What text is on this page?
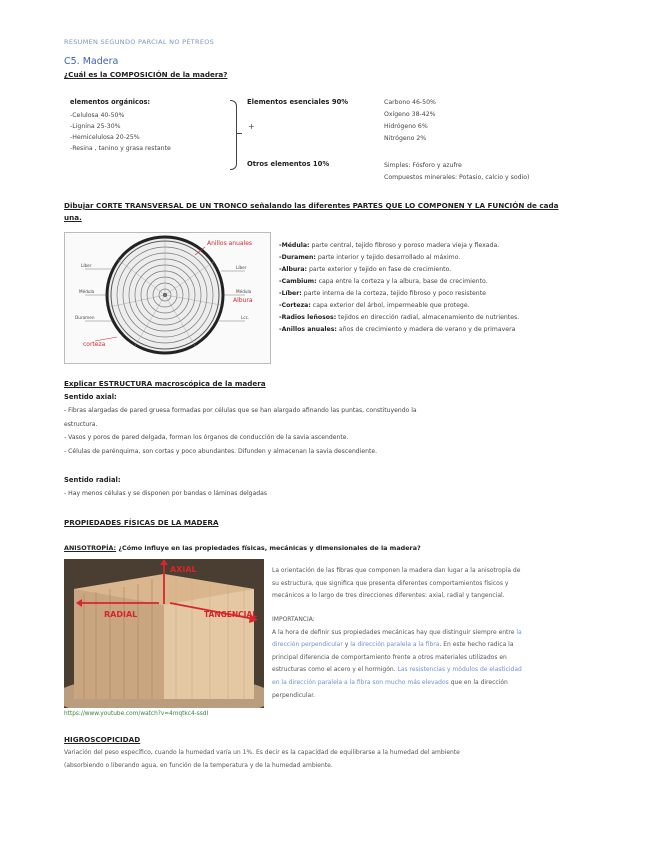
RESUMEN SEGUNDO PARCIAL NO PÉTREOS
C5. Madera
¿Cuál es la COMPOSICIÓN de la madera?
elementos orgánicos:
-Celulosa 40-50%
-Lignina 25-30%
-Hemicelulosa 20-25%
-Resina , tanino y grasa restante
Elementos esenciales 90%
+
Otros elementos 10%
Carbono 46-50%
Oxígeno 38-42%
Hidrógeno 6%
Nitrógeno 2%
Simples: Fósforo y azufre
Compuestos minerales: Potasio, calcio y sodio)
Dibujar CORTE TRANSVERSAL DE UN TRONCO señalando las diferentes PARTES QUE LO COMPONEN Y LA FUNCIÓN de cada una.
Líber
Médula
Duramen
Líber
Médula
Lcc.
Anillos anuales
Albura
corteza
-Médula: parte central, tejido fibroso y poroso madera vieja y flexada.
-Duramen: parte interior y tejido desarrollado al máximo.
-Albura: parte exterior y tejido en fase de crecimiento.
-Cambium: capa entre la corteza y la albura, base de crecimiento.
-Líber: parte interna de la corteza, tejido fibroso y poco resistente
-Corteza: capa exterior del árbol, impermeable que protege.
-Radios leñosos: tejidos en dirección radial, almacenamiento de nutrientes.
-Anillos anuales: años de crecimiento y madera de verano y de primavera
Explicar ESTRUCTURA macroscópica de la madera
Sentido axial:
- Fibras alargadas de pared gruesa formadas por células que se han alargado afinando las puntas, constituyendo la
estructura.
- Vasos y poros de pared delgada, forman los órganos de conducción de la savia ascendente.
- Células de parénquima, son cortas y poco abundantes. Difunden y almacenan la savia descendiente.
Sentido radial:
- Hay menos células y se disponen por bandas o láminas delgadas
PROPIEDADES FÍSICAS DE LA MADERA
ANISOTROPÍA: ¿Cómo influye en las propiedades físicas, mecánicas y dimensionales de la madera?
AXIAL
RADIAL	TANGENCIAL
La orientación de las fibras que componen la madera dan lugar a la anisotropía de
su estructura, que significa que presenta diferentes comportamientos físicos y
mecánicos a lo largo de tres direcciones diferentes: axial, radial y tangencial.
IMPORTANCIA:
A la hora de definir sus propiedades mecánicas hay que distinguir siempre entre la
dirección perpendicular y la dirección paralela a la fibra. En este hecho radica la
principal diferencia de comportamiento frente a otros materiales utilizados en
estructuras como el acero y el hormigón. Las resistencias y módulos de elasticidad
en la dirección paralela a la fibra son mucho más elevados que en la dirección
perpendicular.
https://www.youtube.com/watch?v=4mqtkc4-ssdI
HIGROSCOPICIDAD
Variación del peso específico, cuando la humedad varía un 1%. Es decir es la capacidad de equilibrarse a la humedad del ambiente
(absorbiendo o liberando agua, en función de la temperatura y de la humedad ambiente.
